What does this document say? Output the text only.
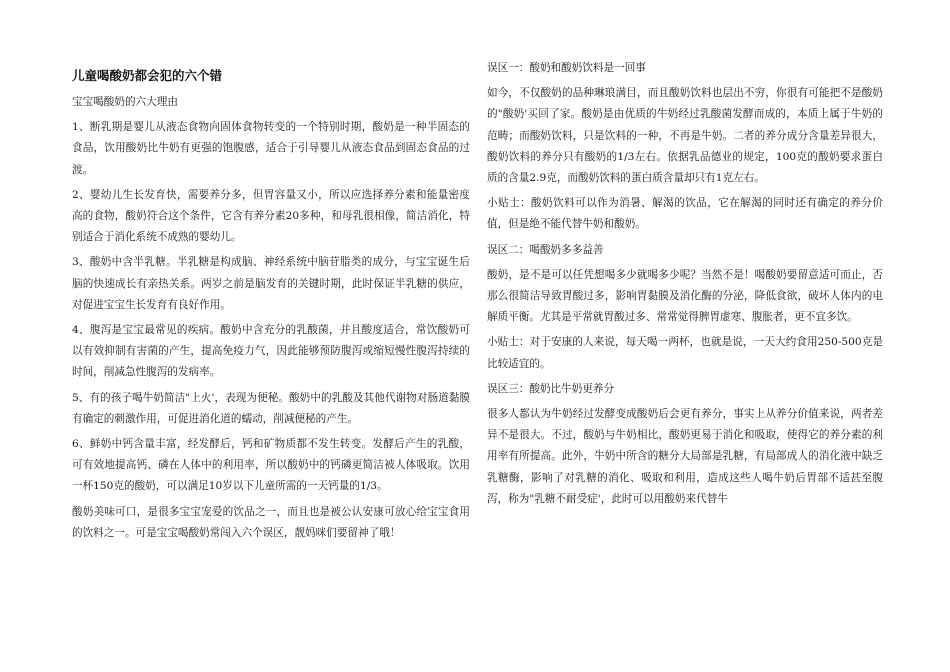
儿童喝酸奶都会犯的六个错

宝宝喝酸奶的六大理由

1、断乳期是婴儿从液态食物向固体食物转变的一个特别时期，酸奶是一种半固态的食品，饮用酸奶比牛奶有更强的饱腹感，适合于引导婴儿从液态食品到固态食品的过渡。

2、婴幼儿生长发育快，需要养分多，但胃容量又小，所以应选择养分素和能量密度高的食物，酸奶符合这个条件，它含有养分素20多种，和母乳很相像，简洁消化，特别适合于消化系统不成熟的婴幼儿。

3、酸奶中含半乳糖。半乳糖是构成脑、神经系统中脑苷脂类的成分，与宝宝诞生后脑的快速成长有亲热关系。两岁之前是脑发育的关键时期，此时保证半乳糖的供应，对促进宝宝生长发育有良好作用。

4、腹泻是宝宝最常见的疾病。酸奶中含充分的乳酸菌，并且酸度适合，常饮酸奶可以有效抑制有害菌的产生，提高免疫力气，因此能够预防腹泻或缩短慢性腹泻持续的时间，削减急性腹泻的发病率。

5、有的孩子喝牛奶简洁"上火'，表现为便秘。酸奶中的乳酸及其他代谢物对肠道黏膜有确定的刺激作用，可促进消化道的蠕动，削减便秘的产生。

6、鲜奶中钙含量丰富，经发酵后，钙和矿物质都不发生转变。发酵后产生的乳酸，可有效地提高钙、磷在人体中的利用率，所以酸奶中的钙磷更简洁被人体吸取。饮用一杯150克的酸奶，可以满足10岁以下儿童所需的一天钙量的1/3。

酸奶美味可口，是很多宝宝宠爱的饮品之一，而且也是被公认安康可放心给宝宝食用的饮料之一。可是宝宝喝酸奶常闯入六个误区，靓妈咪们要留神了哦！

误区一：酸奶和酸奶饮料是一回事

如今，不仅酸奶的品种琳琅满目，而且酸奶饮料也层出不穷，你很有可能把不是酸奶的"酸奶'买回了家。酸奶是由优质的牛奶经过乳酸菌发酵而成的，本质上属于牛奶的范畴；而酸奶饮料，只是饮料的一种，不再是牛奶。二者的养分成分含量差异很大，酸奶饮料的养分只有酸奶的1/3左右。依据乳品德业的规定，100克的酸奶要求蛋白质的含量2.9克，而酸奶饮料的蛋白质含量却只有1克左右。

小贴士：酸奶饮料可以作为消暑、解渴的饮品，它在解渴的同时还有确定的养分价值，但是绝不能代替牛奶和酸奶。

误区二：喝酸奶多多益善

酸奶，是不是可以任凭想喝多少就喝多少呢？当然不是！喝酸奶要留意适可而止，否那么很简洁导致胃酸过多，影响胃黏膜及消化酶的分泌，降低食欲，破坏人体内的电解质平衡。尤其是平常就胃酸过多、常常觉得脾胃虚寒、腹胀者，更不宜多饮。

小贴士：对于安康的人来说，每天喝一两杯，也就是说，一天大约食用250-500克是比较适宜的。

误区三：酸奶比牛奶更养分

很多人都认为牛奶经过发酵变成酸奶后会更有养分，事实上从养分价值来说，两者差异不是很大。不过，酸奶与牛奶相比，酸奶更易于消化和吸取，使得它的养分素的利用率有所提高。此外，牛奶中所含的糖分大局部是乳糖，有局部成人的消化液中缺乏乳糖酶，影响了对乳糖的消化、吸取和利用，造成这些人喝牛奶后胃部不适甚至腹泻，称为"乳糖不耐受症'，此时可以用酸奶来代替牛
